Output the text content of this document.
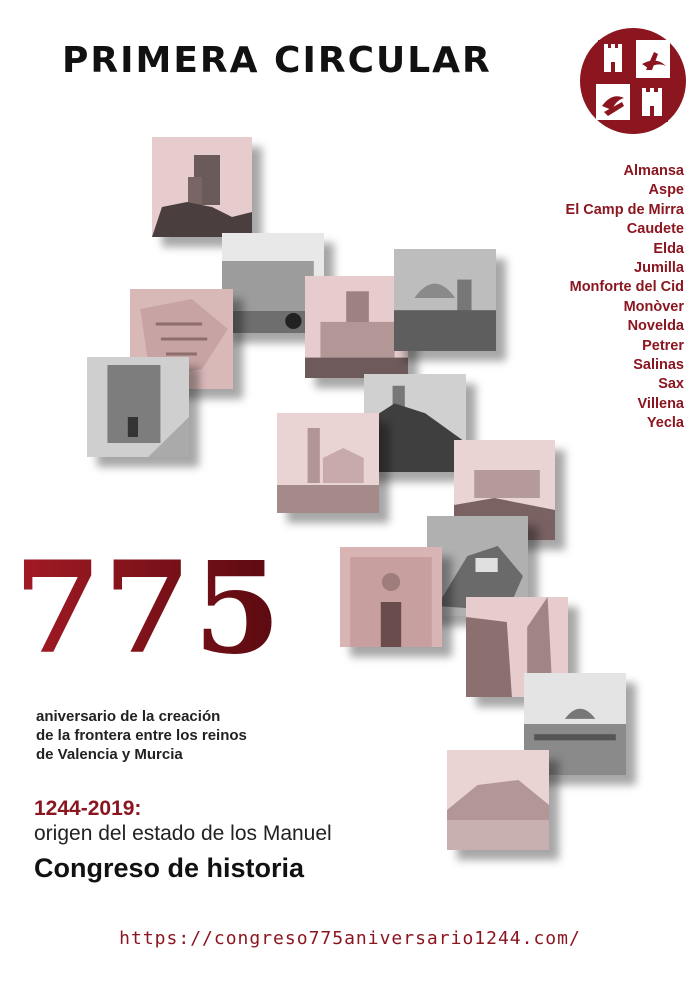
PRIMERA CIRCULAR
Almansa
Aspe
El Camp de Mirra
Caudete
Elda
Jumilla
Monforte del Cid
Monòver
Novelda
Petrer
Salinas
Sax
Villena
Yecla
775
aniversario de la creación
de la frontera entre los reinos
de Valencia y Murcia
1244-2019:
origen del estado de los Manuel
Congreso de historia
https://congreso775aniversario1244.com/
